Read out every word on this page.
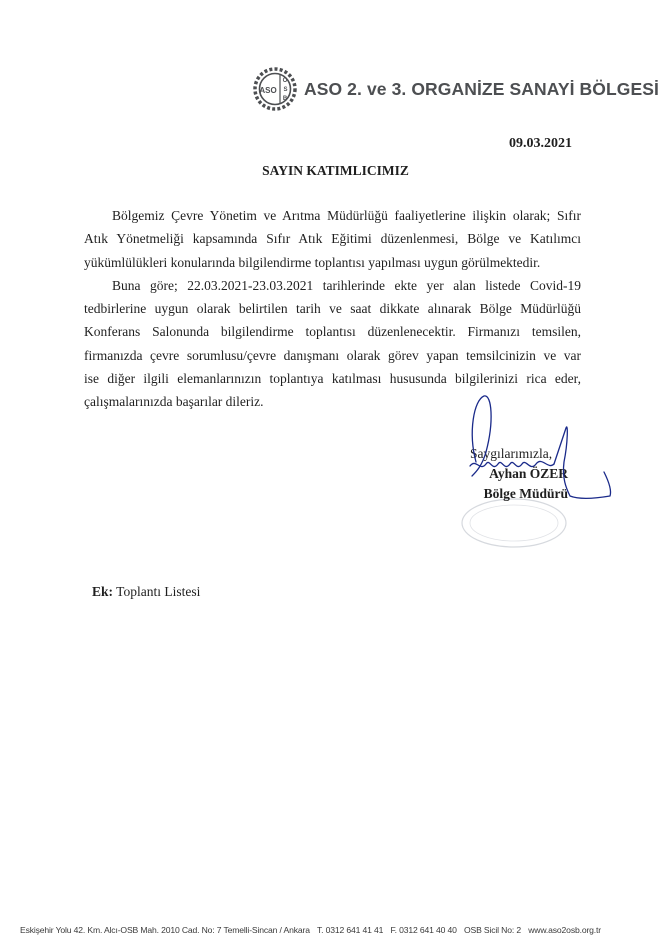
ASO
O
S
B
ASO 2. ve 3. ORGANİZE SANAYİ BÖLGESİ
09.03.2021
SAYIN KATIMLICIMIZ

Bölgemiz Çevre Yönetim ve Arıtma Müdürlüğü faaliyetlerine ilişkin olarak; Sıfır
Atık Yönetmeliği kapsamında Sıfır Atık Eğitimi düzenlenmesi, Bölge ve Katılımcı
yükümlülükleri konularında bilgilendirme toplantısı yapılması uygun görülmektedir.

Buna göre; 22.03.2021-23.03.2021 tarihlerinde ekte yer alan listede Covid-19
tedbirlerine uygun olarak belirtilen tarih ve saat dikkate alınarak Bölge Müdürlüğü
Konferans Salonunda bilgilendirme toplantısı düzenlenecektir. Firmanızı temsilen,
firmanızda çevre sorumlusu/çevre danışmanı olarak görev yapan temsilcinizin ve var
ise diğer ilgili elemanlarınızın toplantıya katılması hususunda bilgilerinizi rica eder,
çalışmalarınızda başarılar dileriz.

Saygılarımızla,
Ayhan ÖZER
Bölge Müdürü
Ek: Toplantı Listesi
Eskişehir Yolu 42. Km. Alcı-OSB Mah. 2010 Cad. No: 7 Temelli-Sincan / Ankara T. 0312 641 41 41 F. 0312 641 40 40 OSB Sicil No: 2 www.aso2osb.org.tr
